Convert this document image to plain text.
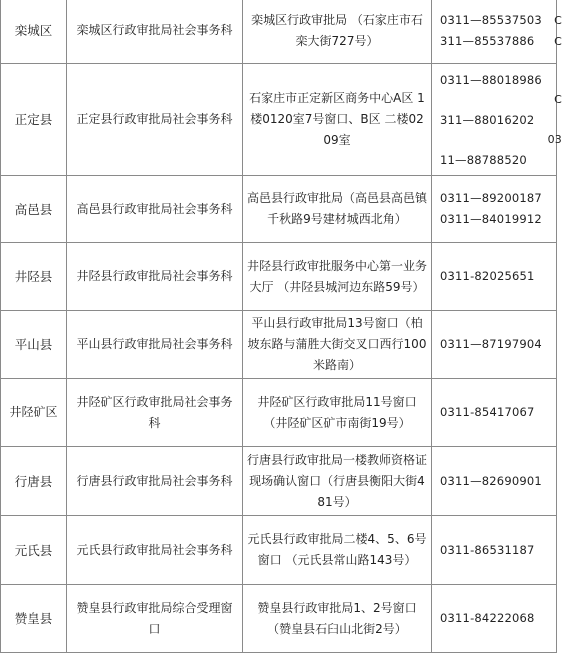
栾城区	栾城区行政审批局社会事务科	栾城区行政审批局 （石家庄市石栾大街727号）	0311—85537503 C
311—85537886 C

正定县	正定县行政审批局社会事务科	石家庄市正定新区商务中心A区 1楼0120室7号窗口、B区 二楼0209室	0311—88018986
C
311—88016202
03
11—88788520

高邑县	高邑县行政审批局社会事务科	高邑县行政审批局（高邑县高邑镇千秋路9号建材城西北角）	0311—89200187
0311—84019912

井陉县	井陉县行政审批局社会事务科	井陉县行政审批服务中心第一业务大厅 （井陉县城河边东路59号）	0311-82025651
平山县	平山县行政审批局社会事务科	平山县行政审批局13号窗口（柏坡东路与蒲胜大街交叉口西行100米路南）	0311—87197904
井陉矿区	井陉矿区行政审批局社会事务科	井陉矿区行政审批局11号窗口 （井陉矿区矿市南街19号）	0311-85417067
行唐县	行唐县行政审批局社会事务科	行唐县行政审批局一楼教师资格证现场确认窗口（行唐县衡阳大街481号）	0311—82690901
元氏县	元氏县行政审批局社会事务科	元氏县行政审批局二楼4、5、6号窗口 （元氏县常山路143号）	0311-86531187
赞皇县	赞皇县行政审批局综合受理窗口	赞皇县行政审批局1、2号窗口 （赞皇县石臼山北街2号）	0311-84222068
